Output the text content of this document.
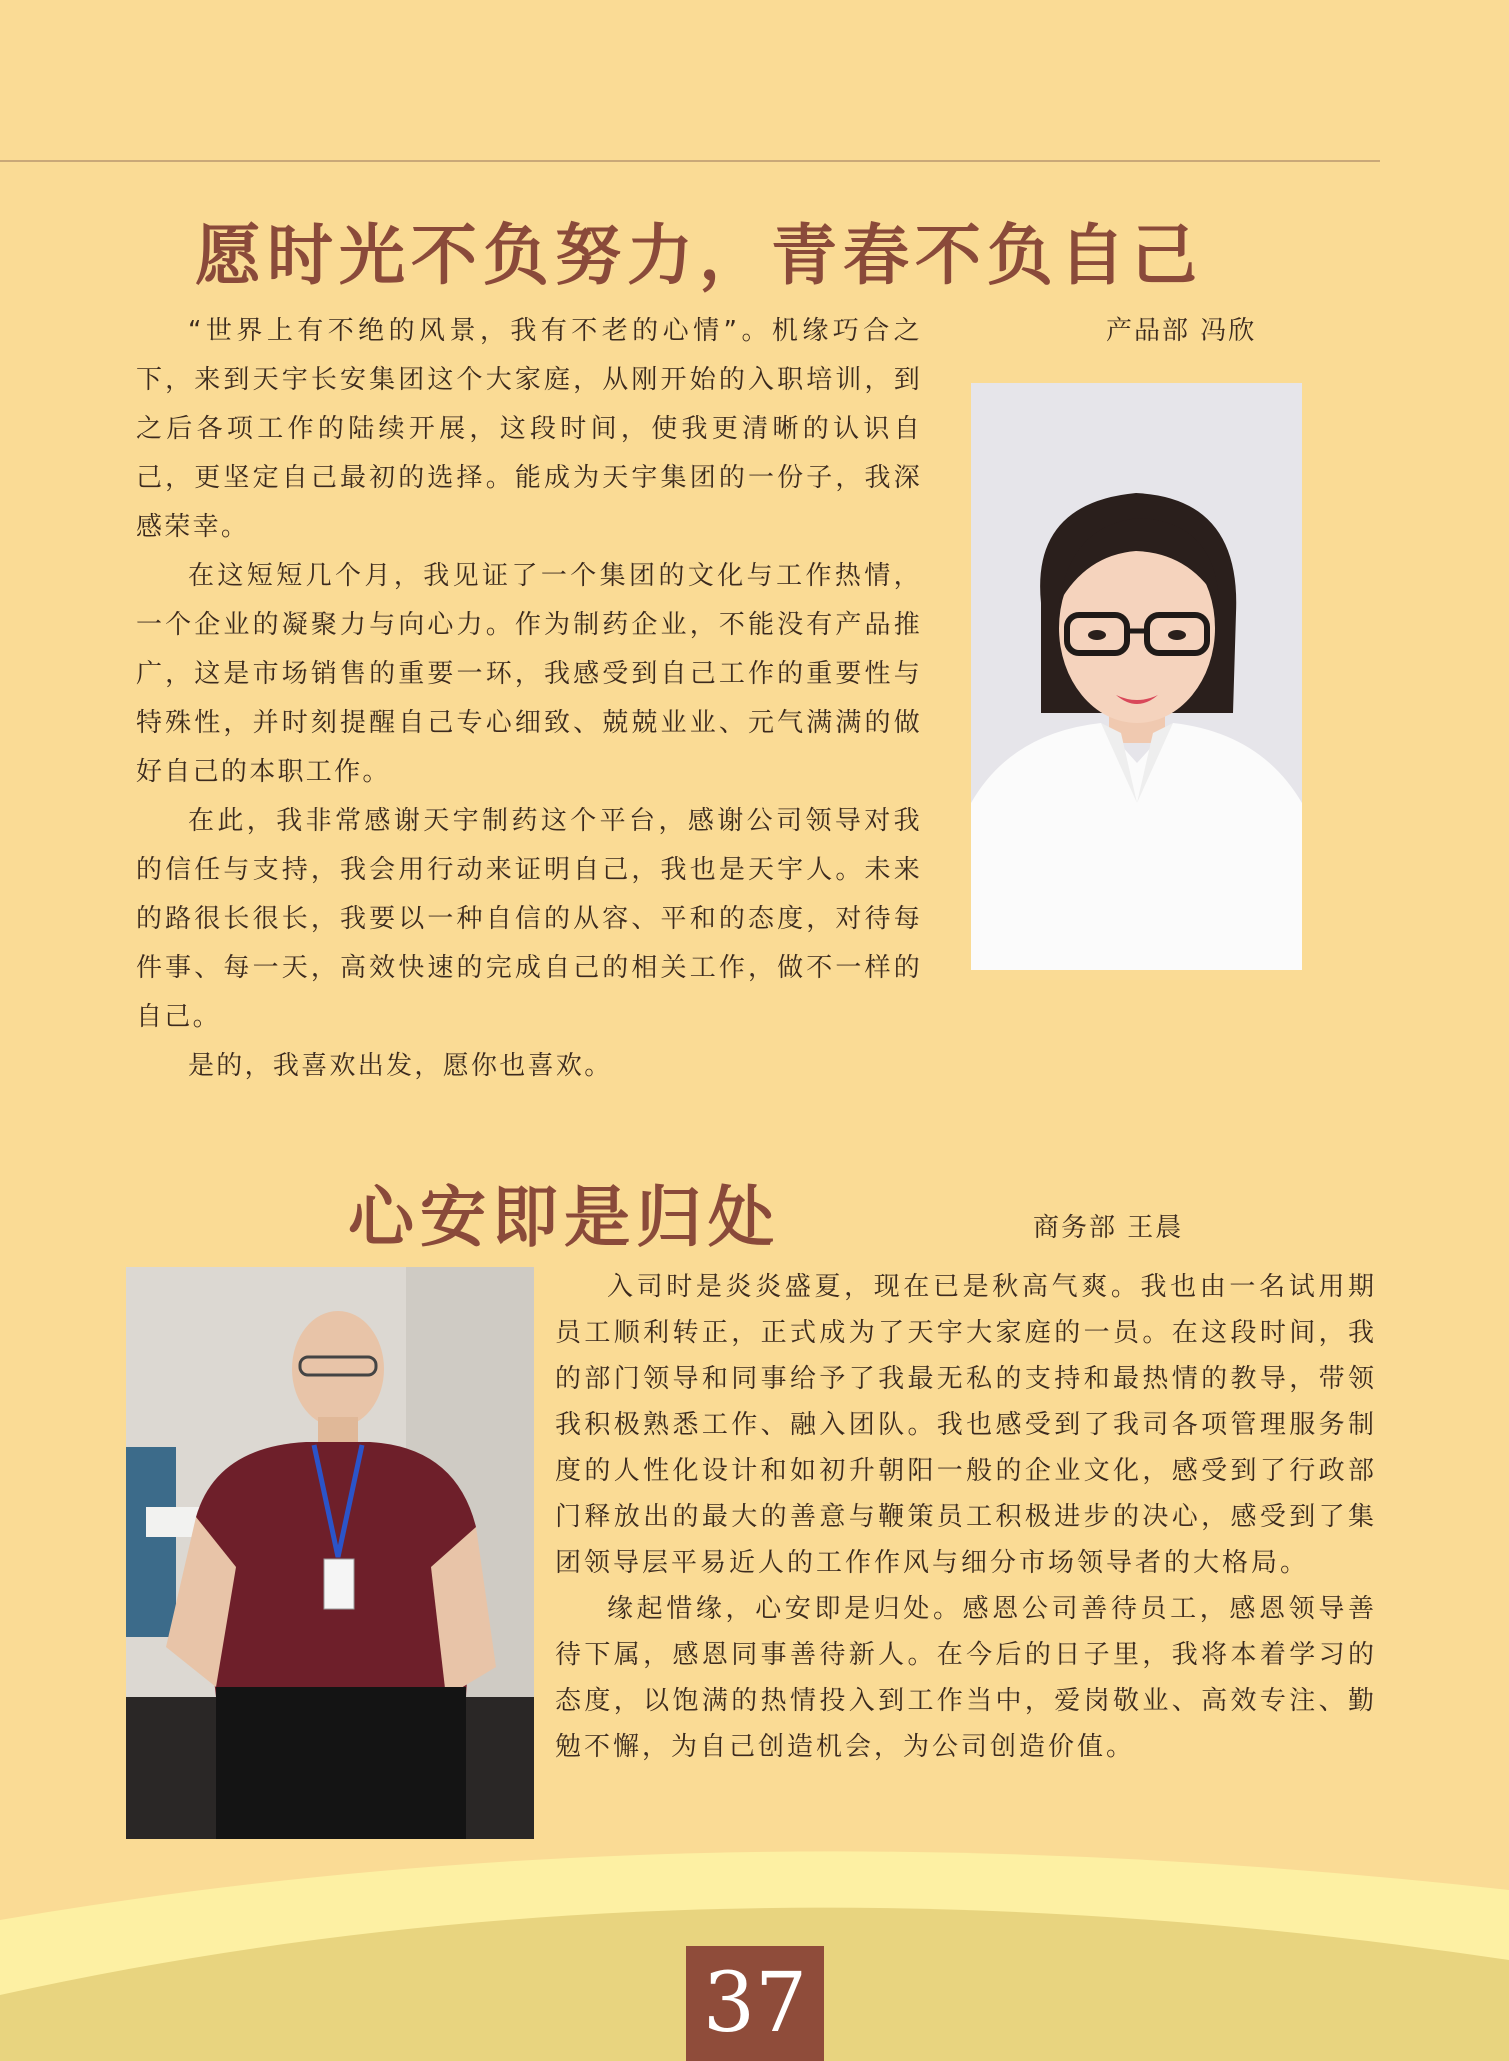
愿时光不负努力，青春不负自己
产品部 冯欣

“世界上有不绝的风景，我有不老的心情”。机缘巧合之下，来到天宇长安集团这个大家庭，从刚开始的入职培训，到之后各项工作的陆续开展，这段时间，使我更清晰的认识自己，更坚定自己最初的选择。能成为天宇集团的一份子，我深感荣幸。

在这短短几个月，我见证了一个集团的文化与工作热情，一个企业的凝聚力与向心力。作为制药企业，不能没有产品推广，这是市场销售的重要一环，我感受到自己工作的重要性与特殊性，并时刻提醒自己专心细致、兢兢业业、元气满满的做好自己的本职工作。

在此，我非常感谢天宇制药这个平台，感谢公司领导对我的信任与支持，我会用行动来证明自己，我也是天宇人。未来的路很长很长，我要以一种自信的从容、平和的态度，对待每件事、每一天，高效快速的完成自己的相关工作，做不一样的自己。

是的，我喜欢出发，愿你也喜欢。

心安即是归处	商务部 王晨

入司时是炎炎盛夏，现在已是秋高气爽。我也由一名试用期员工顺利转正，正式成为了天宇大家庭的一员。在这段时间，我的部门领导和同事给予了我最无私的支持和最热情的教导，带领我积极熟悉工作、融入团队。我也感受到了我司各项管理服务制度的人性化设计和如初升朝阳一般的企业文化，感受到了行政部门释放出的最大的善意与鞭策员工积极进步的决心，感受到了集团领导层平易近人的工作作风与细分市场领导者的大格局。

缘起惜缘，心安即是归处。感恩公司善待员工，感恩领导善待下属，感恩同事善待新人。在今后的日子里，我将本着学习的态度，以饱满的热情投入到工作当中，爱岗敬业、高效专注、勤勉不懈，为自己创造机会，为公司创造价值。

37
